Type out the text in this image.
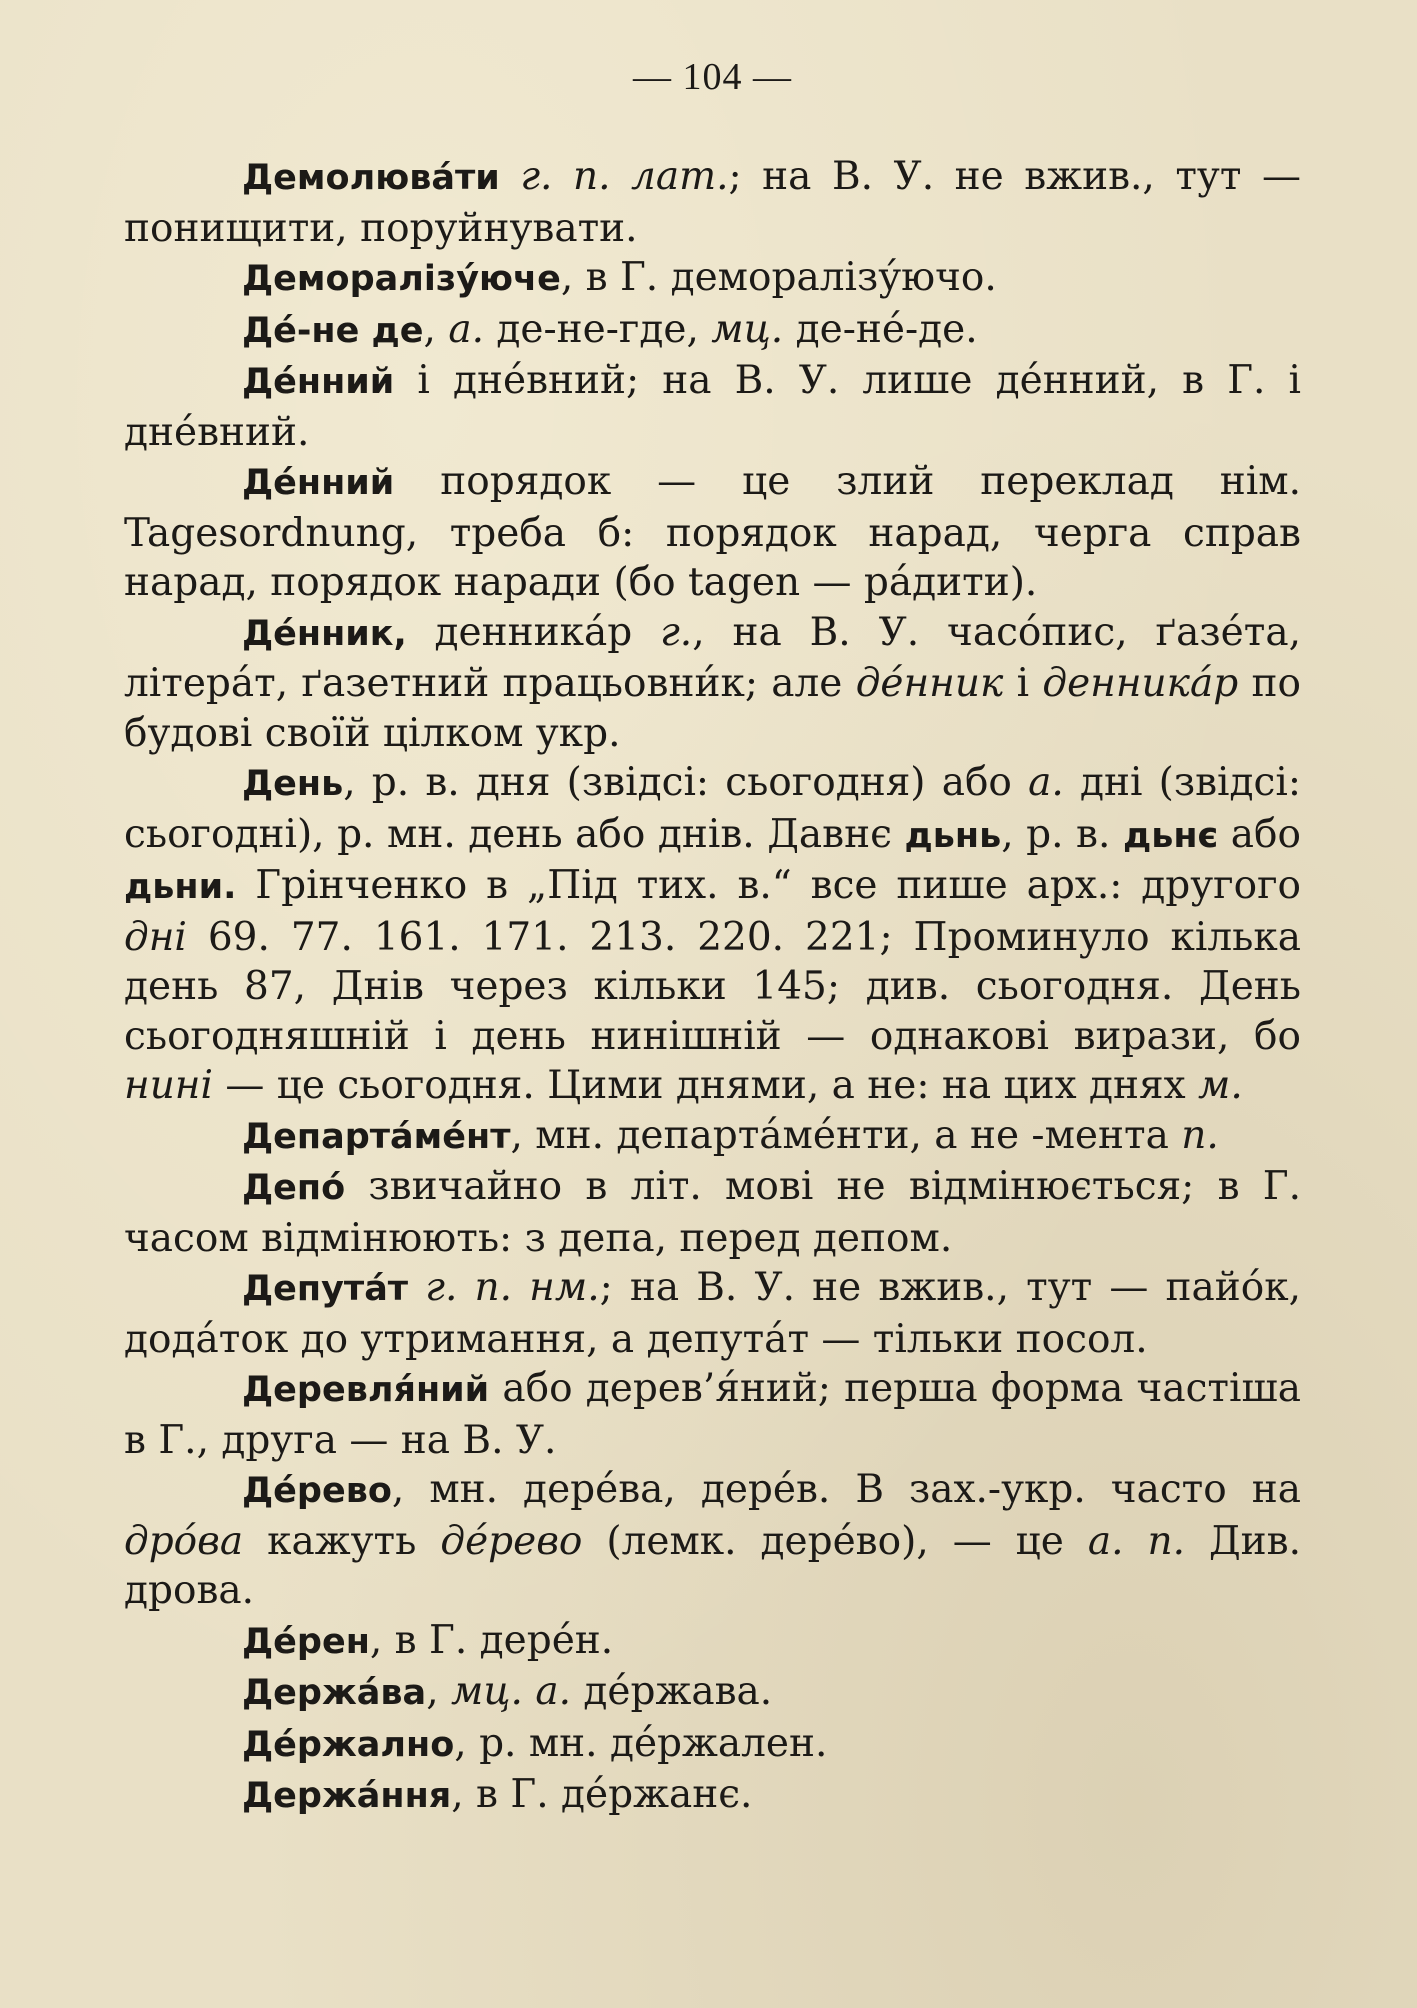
— 104 —

Демолюва́ти г. п. лат.; на В. У. не вжив., тут — понищити, поруйнувати.

Деморалізу́юче, в Г. деморалізу́ючо.

Де́-не де, а. де-не-где, мц. де-не́-де.

Де́нний і дне́вний; на В. У. лише де́нний, в Г. і дне́вний.

Де́нний порядок — це злий переклад нім. Tagesordnung, треба б: порядок нарад, черга справ нарад, порядок наради (бо tagen — ра́дити).

Де́нник, денника́р г., на В. У. часо́пис, ґазе́та, літера́т, ґазетний працьовни́к; але де́нник і денника́р по будові своїй цілком укр.

День, р. в. дня (звідсі: сьогодня) або а. дні (звідсі: сьогодні), р. мн. день або днів. Давнє дьнь, р. в. дьнє або дьни. Грінченко в „Під тих. в.“ все пише арх.: другого дні 69. 77. 161. 171. 213. 220. 221; Проминуло кілька день 87, Днів через кільки 145; див. сьогодня. День сьогодняшній і день нинішній — однакові вирази, бо нині — це сьогодня. Цими днями, а не: на цих днях м.

Департа́ме́нт, мн. департа́ме́нти, а не -мента п.

Депо́ звичайно в літ. мові не відмінюється; в Г. часом відмінюють: з депа, перед депом.

Депута́т г. п. нм.; на В. У. не вжив., тут — пайо́к, дода́ток до утримання, а депута́т — тільки посол.

Деревля́ний або дерев’я́ний; перша форма частіша в Г., друга — на В. У.

Де́рево, мн. дере́ва, дере́в. В зах.-укр. часто на дро́ва кажуть де́рево (лемк. дере́во), — це а. п. Див. дрова.

Де́рен, в Г. дере́н.

Держа́ва, мц. а. де́ржава.

Де́ржално, р. мн. де́ржален.

Держа́ння, в Г. де́ржанє.
